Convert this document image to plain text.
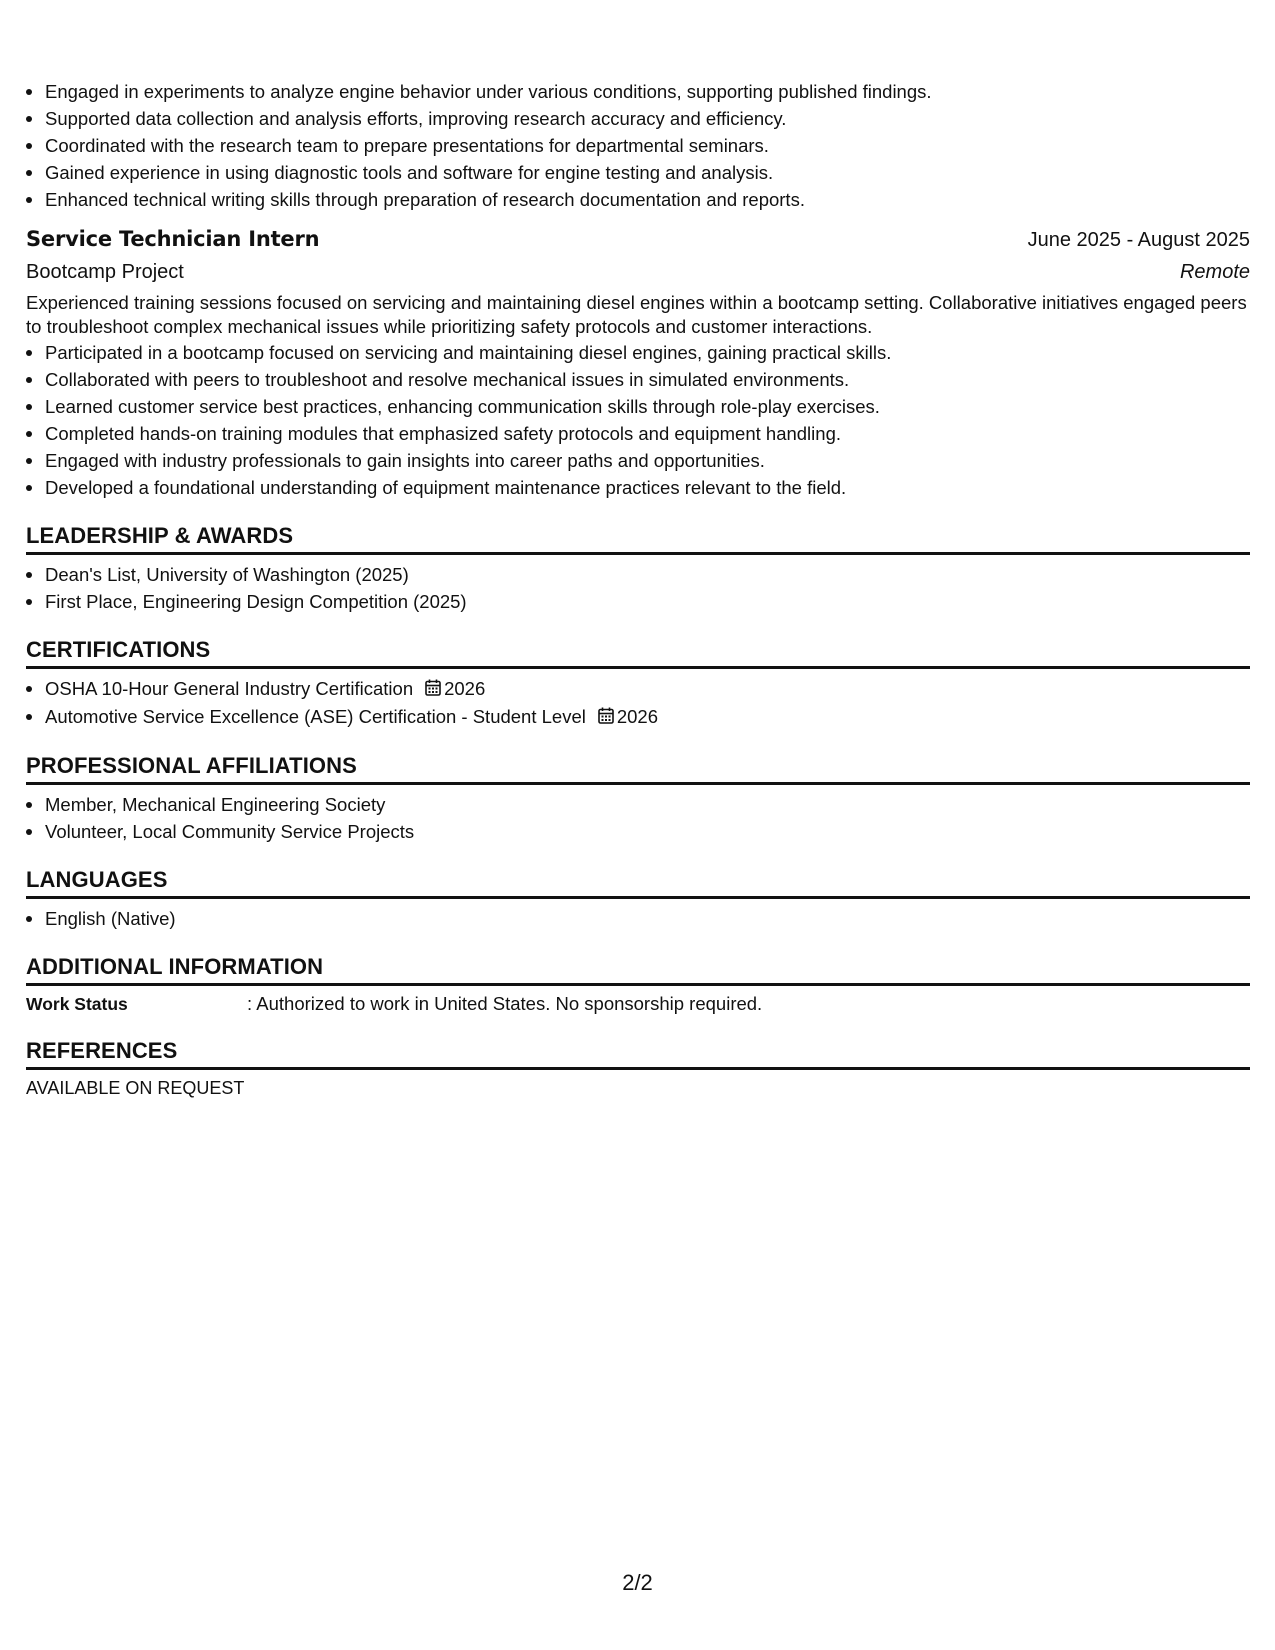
Engaged in experiments to analyze engine behavior under various conditions, supporting published findings.
Supported data collection and analysis efforts, improving research accuracy and efficiency.
Coordinated with the research team to prepare presentations for departmental seminars.
Gained experience in using diagnostic tools and software for engine testing and analysis.
Enhanced technical writing skills through preparation of research documentation and reports.
Service Technician Intern	June 2025 - August 2025
Bootcamp Project	Remote

Experienced training sessions focused on servicing and maintaining diesel engines within a bootcamp setting. Collaborative initiatives engaged peers to troubleshoot complex mechanical issues while prioritizing safety protocols and customer interactions.

Participated in a bootcamp focused on servicing and maintaining diesel engines, gaining practical skills.
Collaborated with peers to troubleshoot and resolve mechanical issues in simulated environments.
Learned customer service best practices, enhancing communication skills through role-play exercises.
Completed hands-on training modules that emphasized safety protocols and equipment handling.
Engaged with industry professionals to gain insights into career paths and opportunities.
Developed a foundational understanding of equipment maintenance practices relevant to the field.
LEADERSHIP & AWARDS
Dean's List, University of Washington (2025)
First Place, Engineering Design Competition (2025)
CERTIFICATIONS
OSHA 10-Hour General Industry Certification 2026
Automotive Service Excellence (ASE) Certification - Student Level 2026
PROFESSIONAL AFFILIATIONS
Member, Mechanical Engineering Society
Volunteer, Local Community Service Projects
LANGUAGES
English (Native)
ADDITIONAL INFORMATION
Work Status	: Authorized to work in United States. No sponsorship required.
REFERENCES

AVAILABLE ON REQUEST

2/2
